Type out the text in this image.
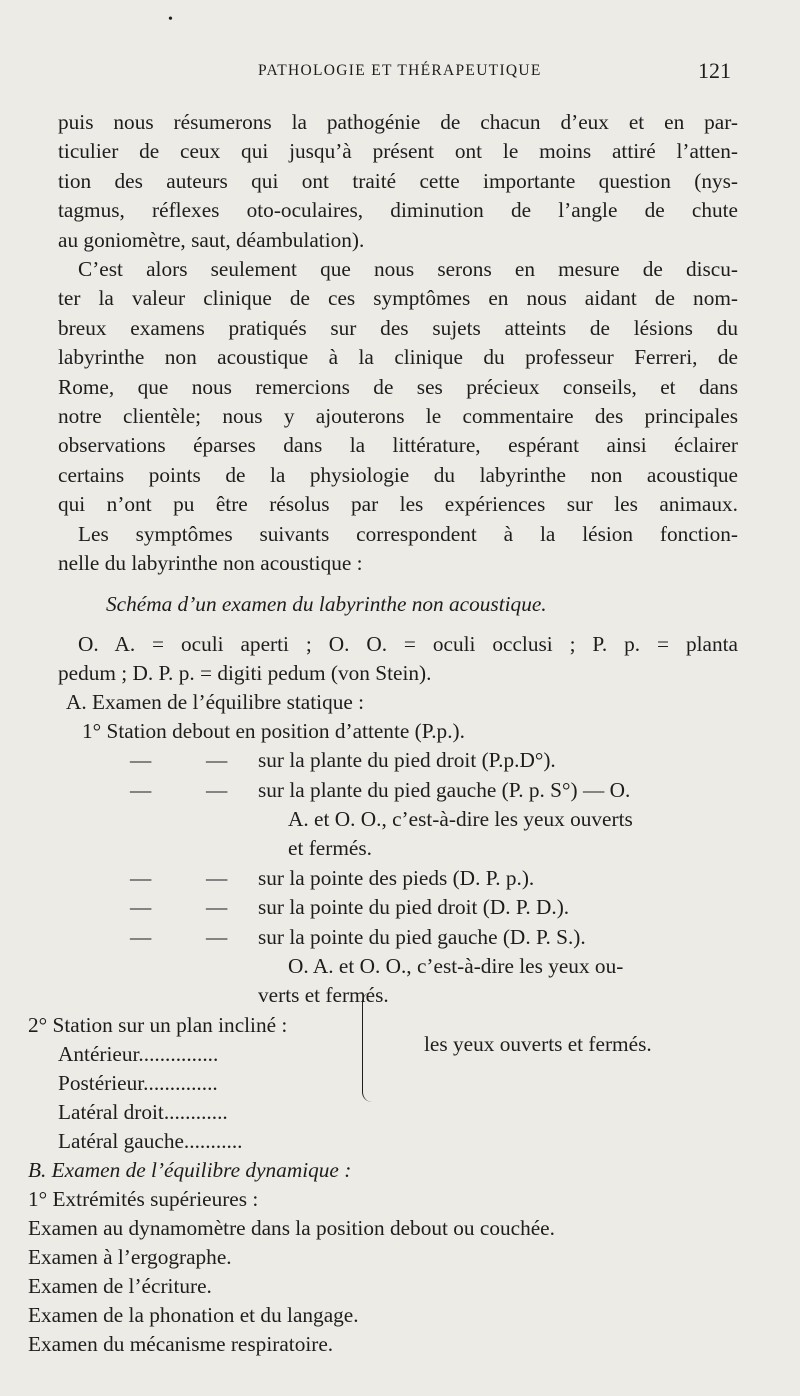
•
PATHOLOGIE ET THÉRAPEUTIQUE	121
puis nous résumerons la pathogénie de chacun d’eux et en par-
ticulier de ceux qui jusqu’à présent ont le moins attiré l’atten-
tion des auteurs qui ont traité cette importante question (nys-
tagmus, réflexes oto-oculaires, diminution de l’angle de chute
au goniomètre, saut, déambulation).
C’est alors seulement que nous serons en mesure de discu-
ter la valeur clinique de ces symptômes en nous aidant de nom-
breux examens pratiqués sur des sujets atteints de lésions du
labyrinthe non acoustique à la clinique du professeur Ferreri, de
Rome, que nous remercions de ses précieux conseils, et dans
notre clientèle; nous y ajouterons le commentaire des principales
observations éparses dans la littérature, espérant ainsi éclairer
certains points de la physiologie du labyrinthe non acoustique
qui n’ont pu être résolus par les expériences sur les animaux.
Les symptômes suivants correspondent à la lésion fonction-
nelle du labyrinthe non acoustique :
Schéma d’un examen du labyrinthe non acoustique.
O. A. = oculi aperti ; O. O. = oculi occlusi ; P. p. = planta
pedum ; D. P. p. = digiti pedum (von Stein).
A. Examen de l’équilibre statique :
1° Station debout en position d’attente (P.p.).
—	— sur la plante du pied droit (P.p.D°).
—	— sur la plante du pied gauche (P. p. S°) — O.
A. et O. O., c’est-à-dire les yeux ouverts
et fermés.
—	— sur la pointe des pieds (D. P. p.).
—	— sur la pointe du pied droit (D. P. D.).
—	— sur la pointe du pied gauche (D. P. S.).
O. A. et O. O., c’est-à-dire les yeux ou-
verts et fermés.
2° Station sur un plan incliné :
Antérieur...............
Postérieur..............
Latéral droit............
Latéral gauche...........
B. Examen de l’équilibre dynamique :
1° Extrémités supérieures :
Examen au dynamomètre dans la position debout ou couchée.
Examen à l’ergographe.
Examen de l’écriture.
Examen de la phonation et du langage.
Examen du mécanisme respiratoire.
les yeux ouverts et fermés.
